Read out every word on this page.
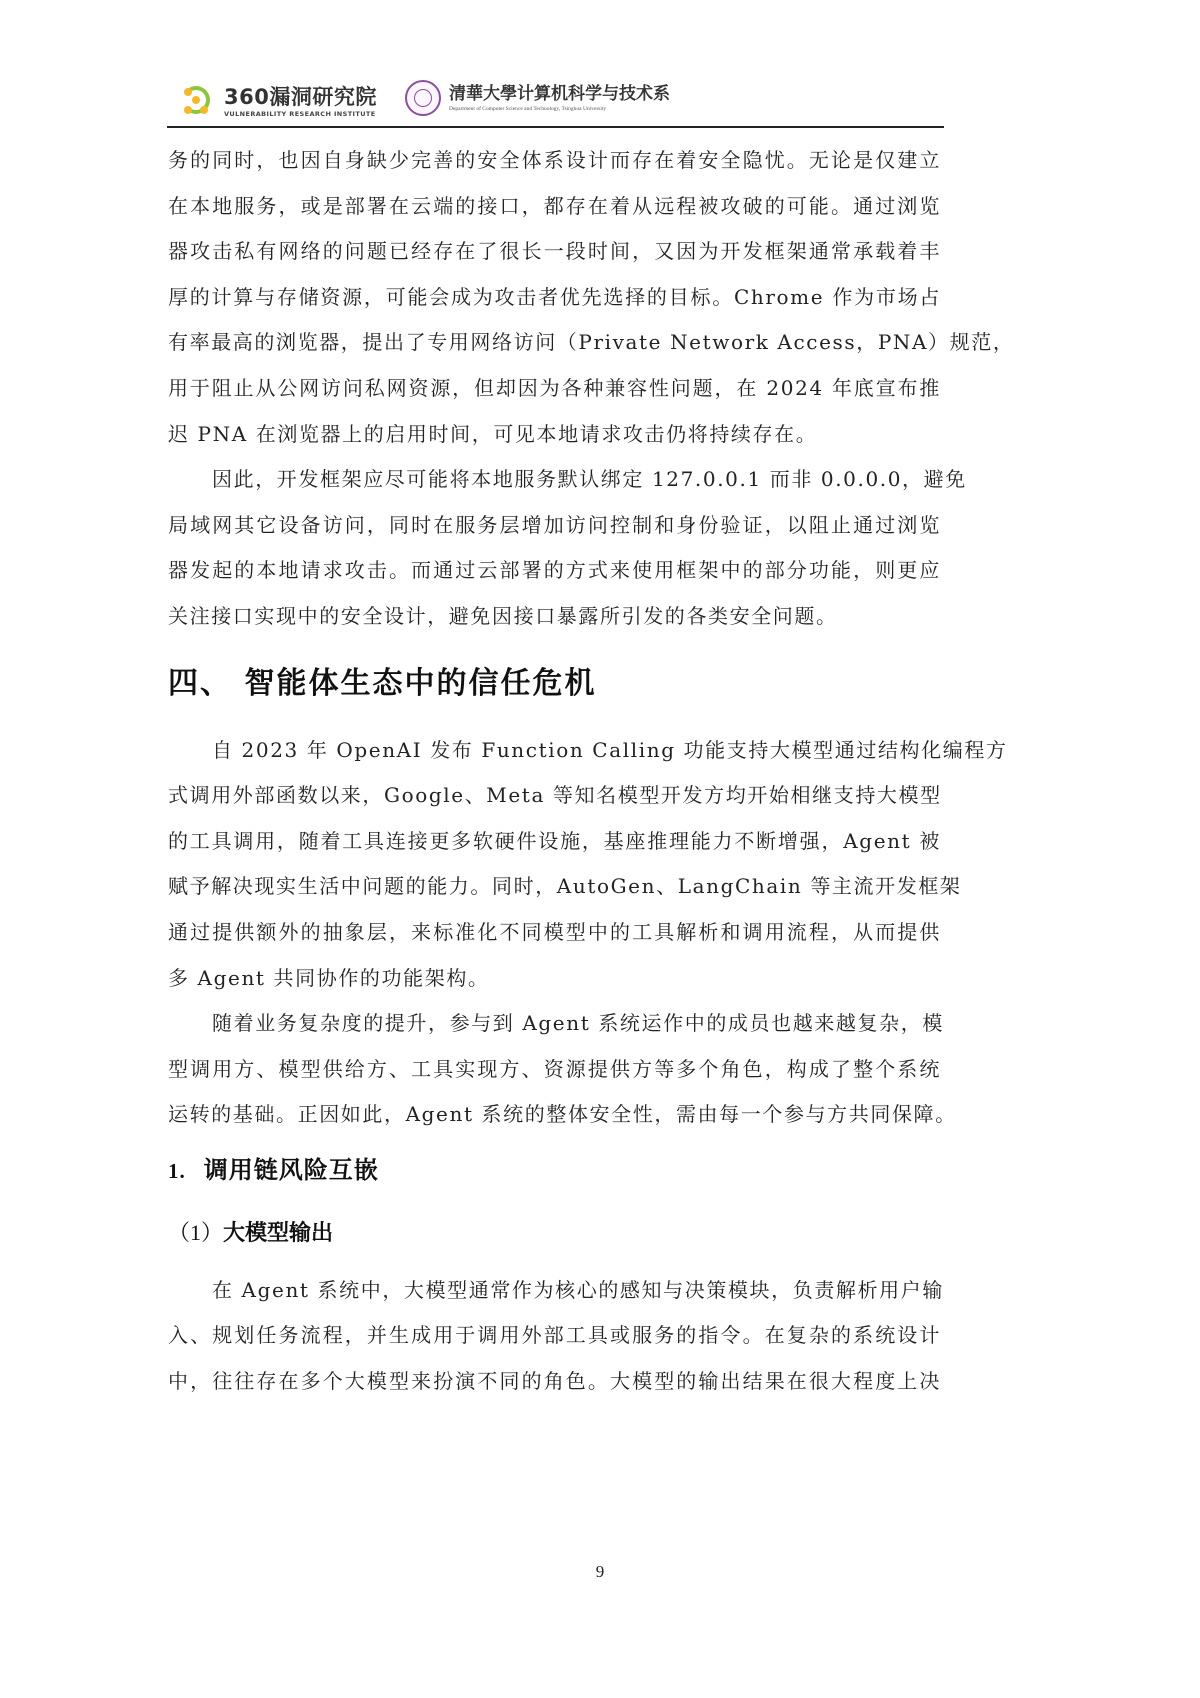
360漏洞研究院
VULNERABILITY RESEARCH INSTITUTE
清華大學计算机科学与技术系
Department of Computer Science and Technology, Tsinghua University

务的同时，也因自身缺少完善的安全体系设计而存在着安全隐忧。无论是仅建立
在本地服务，或是部署在云端的接口，都存在着从远程被攻破的可能。通过浏览
器攻击私有网络的问题已经存在了很长一段时间，又因为开发框架通常承载着丰
厚的计算与存储资源，可能会成为攻击者优先选择的目标。Chrome 作为市场占
有率最高的浏览器，提出了专用网络访问（Private Network Access，PNA）规范，
用于阻止从公网访问私网资源，但却因为各种兼容性问题，在 2024 年底宣布推
迟 PNA 在浏览器上的启用时间，可见本地请求攻击仍将持续存在。

因此，开发框架应尽可能将本地服务默认绑定 127.0.0.1 而非 0.0.0.0，避免
局域网其它设备访问，同时在服务层增加访问控制和身份验证，以阻止通过浏览
器发起的本地请求攻击。而通过云部署的方式来使用框架中的部分功能，则更应
关注接口实现中的安全设计，避免因接口暴露所引发的各类安全问题。

四、 智能体生态中的信任危机

自 2023 年 OpenAI 发布 Function Calling 功能支持大模型通过结构化编程方
式调用外部函数以来，Google、Meta 等知名模型开发方均开始相继支持大模型
的工具调用，随着工具连接更多软硬件设施，基座推理能力不断增强，Agent 被
赋予解决现实生活中问题的能力。同时，AutoGen、LangChain 等主流开发框架
通过提供额外的抽象层，来标准化不同模型中的工具解析和调用流程，从而提供
多 Agent 共同协作的功能架构。

随着业务复杂度的提升，参与到 Agent 系统运作中的成员也越来越复杂，模
型调用方、模型供给方、工具实现方、资源提供方等多个角色，构成了整个系统
运转的基础。正因如此，Agent 系统的整体安全性，需由每一个参与方共同保障。

1. 调用链风险互嵌
（1）大模型输出

在 Agent 系统中，大模型通常作为核心的感知与决策模块，负责解析用户输
入、规划任务流程，并生成用于调用外部工具或服务的指令。在复杂的系统设计
中，往往存在多个大模型来扮演不同的角色。大模型的输出结果在很大程度上决

9
